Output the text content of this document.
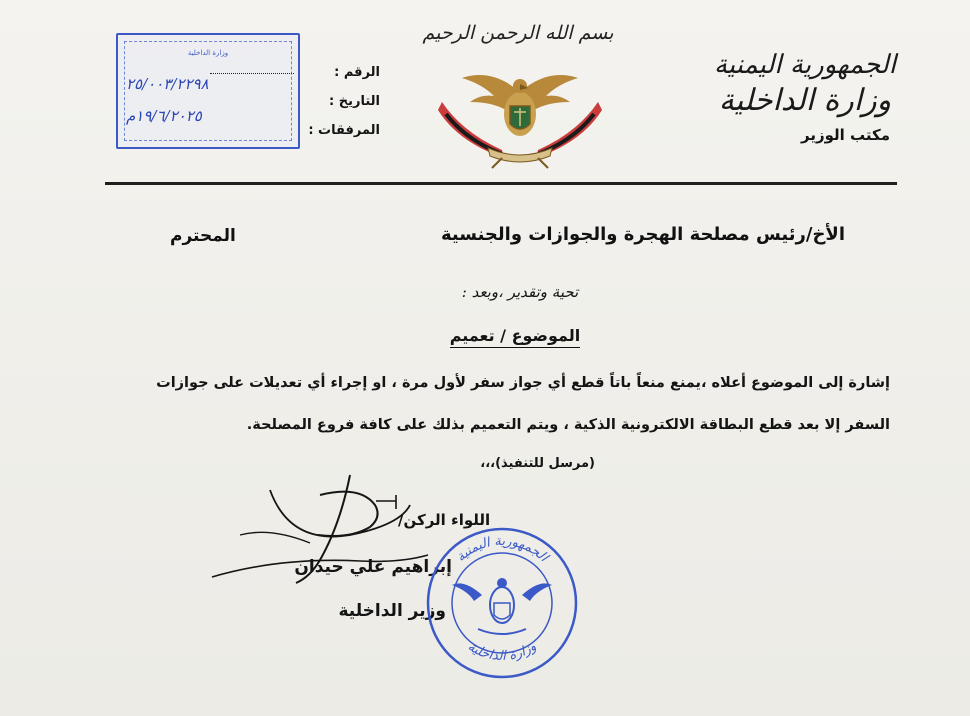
الجمهورية اليمنية
وزارة الداخلية
مكتب الوزير
بسم الله الرحمن الرحيم
الرقم :
التاريخ :
المرفقات :
وزارة الداخلية
٢٥/٠٠٣/٢٢٩٨
١٩/٦/٢٠٢٥م
الأخ/رئيس مصلحة الهجرة والجوازات والجنسية
المحترم
تحية وتقدير ،وبعد :
الموضوع / تعميم
إشارة إلى الموضوع أعلاه ،يمنع منعاً باتاً قطع أي جواز سفر لأول مرة ، او إجراء أي تعديلات على جوازات السفر إلا بعد قطع البطاقة الالكترونية الذكية ، ويتم التعميم بذلك على كافة فروع المصلحة.
(مرسل للتنفيذ)،،،
اللواء الركن/
إبراهيم علي حيدان
وزير الداخلية
الجمهورية اليمنية
وزارة الداخلية
